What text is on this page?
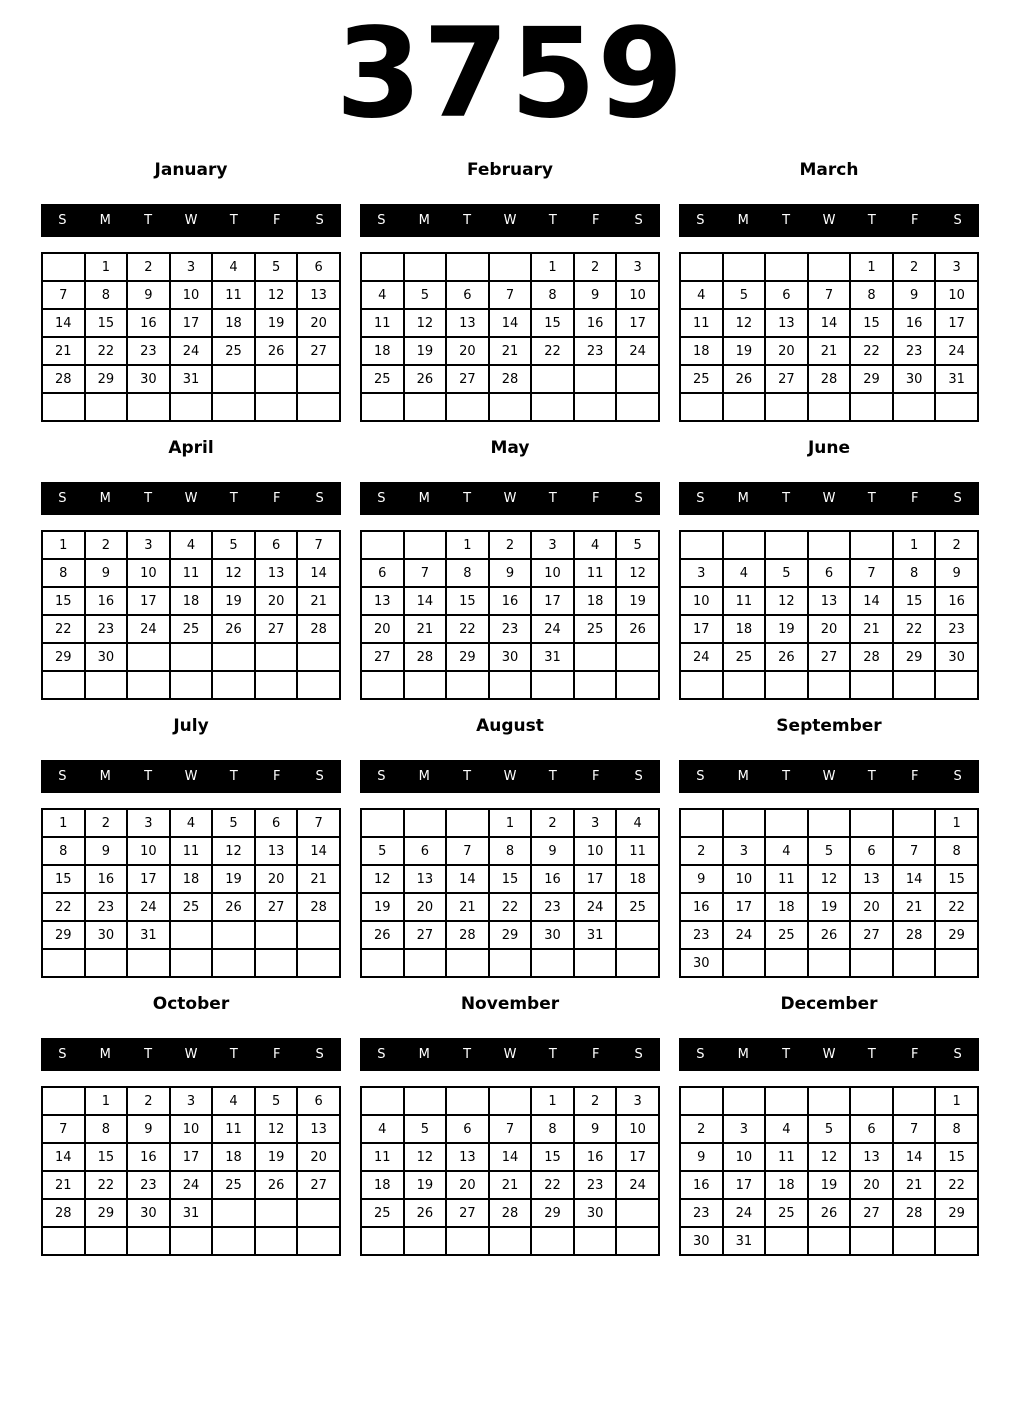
3759
January
S	M	T	W	T	F	S
	1	2	3	4	5	6
7	8	9	10	11	12	13
14	15	16	17	18	19	20
21	22	23	24	25	26	27
28	29	30	31			

February
S	M	T	W	T	F	S
				1	2	3
4	5	6	7	8	9	10
11	12	13	14	15	16	17
18	19	20	21	22	23	24
25	26	27	28			

March
S	M	T	W	T	F	S
				1	2	3
4	5	6	7	8	9	10
11	12	13	14	15	16	17
18	19	20	21	22	23	24
25	26	27	28	29	30	31

April
S	M	T	W	T	F	S
1	2	3	4	5	6	7
8	9	10	11	12	13	14
15	16	17	18	19	20	21
22	23	24	25	26	27	28
29	30					

May
S	M	T	W	T	F	S
		1	2	3	4	5
6	7	8	9	10	11	12
13	14	15	16	17	18	19
20	21	22	23	24	25	26
27	28	29	30	31		

June
S	M	T	W	T	F	S
					1	2
3	4	5	6	7	8	9
10	11	12	13	14	15	16
17	18	19	20	21	22	23
24	25	26	27	28	29	30

July
S	M	T	W	T	F	S
1	2	3	4	5	6	7
8	9	10	11	12	13	14
15	16	17	18	19	20	21
22	23	24	25	26	27	28
29	30	31				

August
S	M	T	W	T	F	S
			1	2	3	4
5	6	7	8	9	10	11
12	13	14	15	16	17	18
19	20	21	22	23	24	25
26	27	28	29	30	31	

September
S	M	T	W	T	F	S
						1
2	3	4	5	6	7	8
9	10	11	12	13	14	15
16	17	18	19	20	21	22
23	24	25	26	27	28	29
30						
October
S	M	T	W	T	F	S
	1	2	3	4	5	6
7	8	9	10	11	12	13
14	15	16	17	18	19	20
21	22	23	24	25	26	27
28	29	30	31			

November
S	M	T	W	T	F	S
				1	2	3
4	5	6	7	8	9	10
11	12	13	14	15	16	17
18	19	20	21	22	23	24
25	26	27	28	29	30	

December
S	M	T	W	T	F	S
						1
2	3	4	5	6	7	8
9	10	11	12	13	14	15
16	17	18	19	20	21	22
23	24	25	26	27	28	29
30	31					
